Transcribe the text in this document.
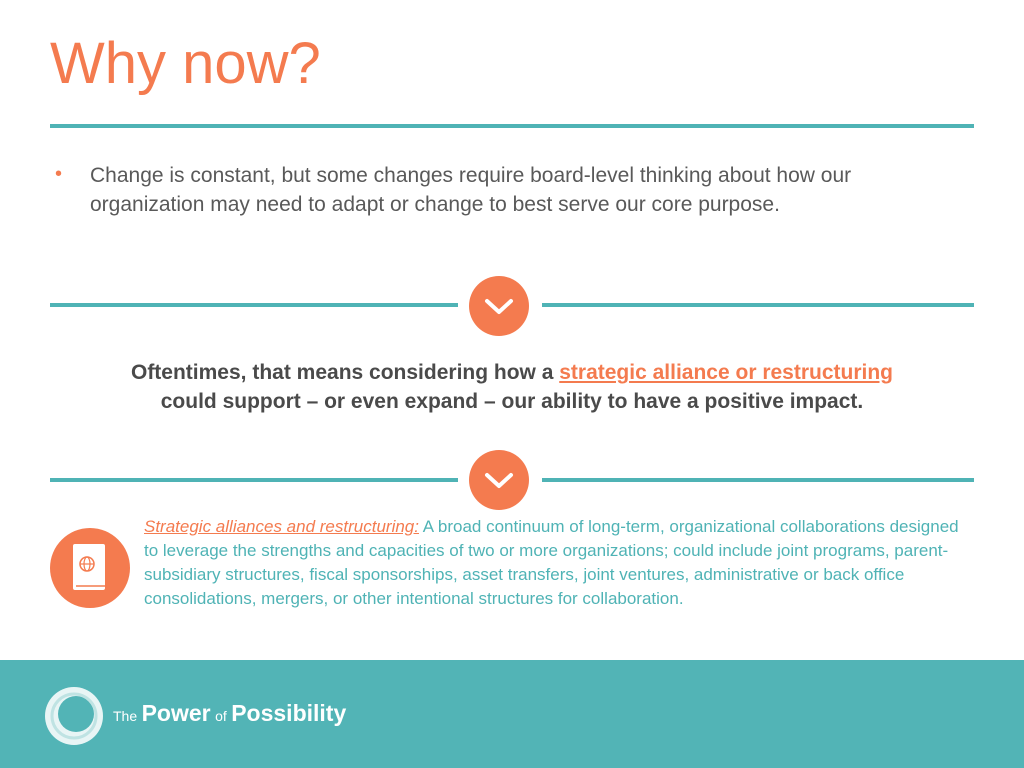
Why now?
• Change is constant, but some changes require board-level thinking about how our organization may need to adapt or change to best serve our core purpose.

Oftentimes, that means considering how a strategic alliance or restructuring
could support – or even expand – our ability to have a positive impact.

Strategic alliances and restructuring: A broad continuum of long-term, organizational collaborations designed to leverage the strengths and capacities of two or more organizations; could include joint programs, parent-subsidiary structures, fiscal sponsorships, asset transfers, joint ventures, administrative or back office consolidations, mergers, or other intentional structures for collaboration.

The Power of Possibility
